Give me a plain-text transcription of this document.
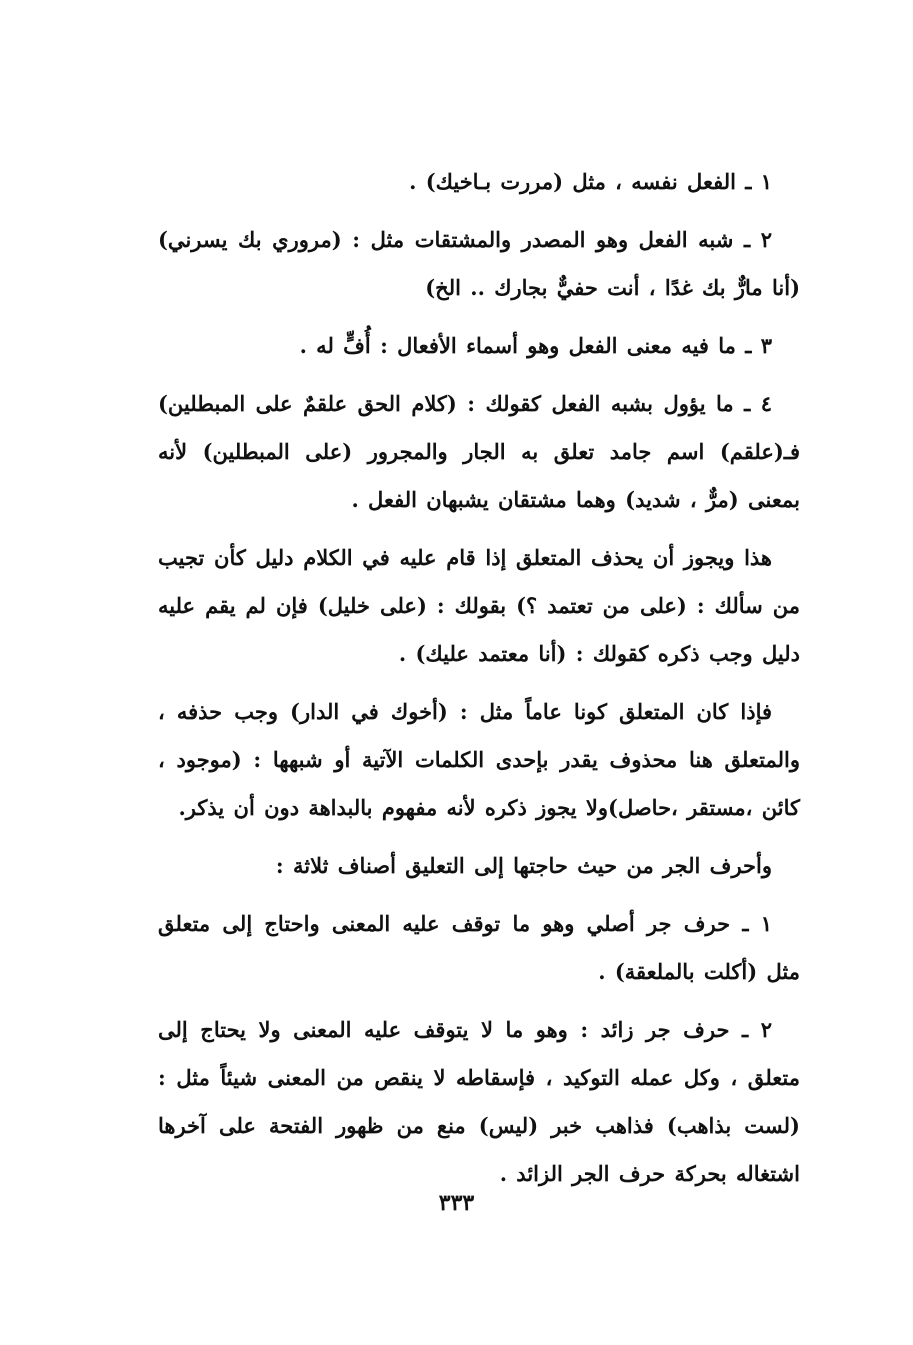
١ ـ الفعل نفسه ، مثل (مررت بـاخيك) .

٢ ـ شبه الفعل وهو المصدر والمشتقات مثل : (مروري بك يسرني) (أنا مارٌّ بك غدًا ، أنت حفيٌّ بجارك .. الخ)

٣ ـ ما فيه معنى الفعل وهو أسماء الأفعال : أُفٍّ له .

٤ ـ ما يؤول بشبه الفعل كقولك : (كلام الحق علقمٌ على المبطلين) فـ(علقم) اسم جامد تعلق به الجار والمجرور (على المبطلين) لأنه بمعنى (مرٌّ ، شديد) وهما مشتقان يشبهان الفعل .

هذا ويجوز أن يحذف المتعلق إذا قام عليه في الكلام دليل كأن تجيب من سألك : (على من تعتمد ؟) بقولك : (على خليل) فإن لم يقم عليه دليل وجب ذكره كقولك : (أنا معتمد عليك) .

فإذا كان المتعلق كونا عاماً مثل : (أخوك في الدار) وجب حذفه ، والمتعلق هنا محذوف يقدر بإحدى الكلمات الآتية أو شبهها : (موجود ، كائن ،مستقر ،حاصل)ولا يجوز ذكره لأنه مفهوم بالبداهة دون أن يذكر.

وأحرف الجر من حيث حاجتها إلى التعليق أصناف ثلاثة :

١ ـ حرف جر أصلي وهو ما توقف عليه المعنى واحتاج إلى متعلق مثل (أكلت بالملعقة) .

٢ ـ حرف جر زائد : وهو ما لا يتوقف عليه المعنى ولا يحتاج إلى متعلق ، وكل عمله التوكيد ، فإسقاطه لا ينقص من المعنى شيئاً مثل : (لست بذاهب) فذاهب خبر (ليس) منع من ظهور الفتحة على آخرها اشتغاله بحركة حرف الجر الزائد .

٣٣٣
